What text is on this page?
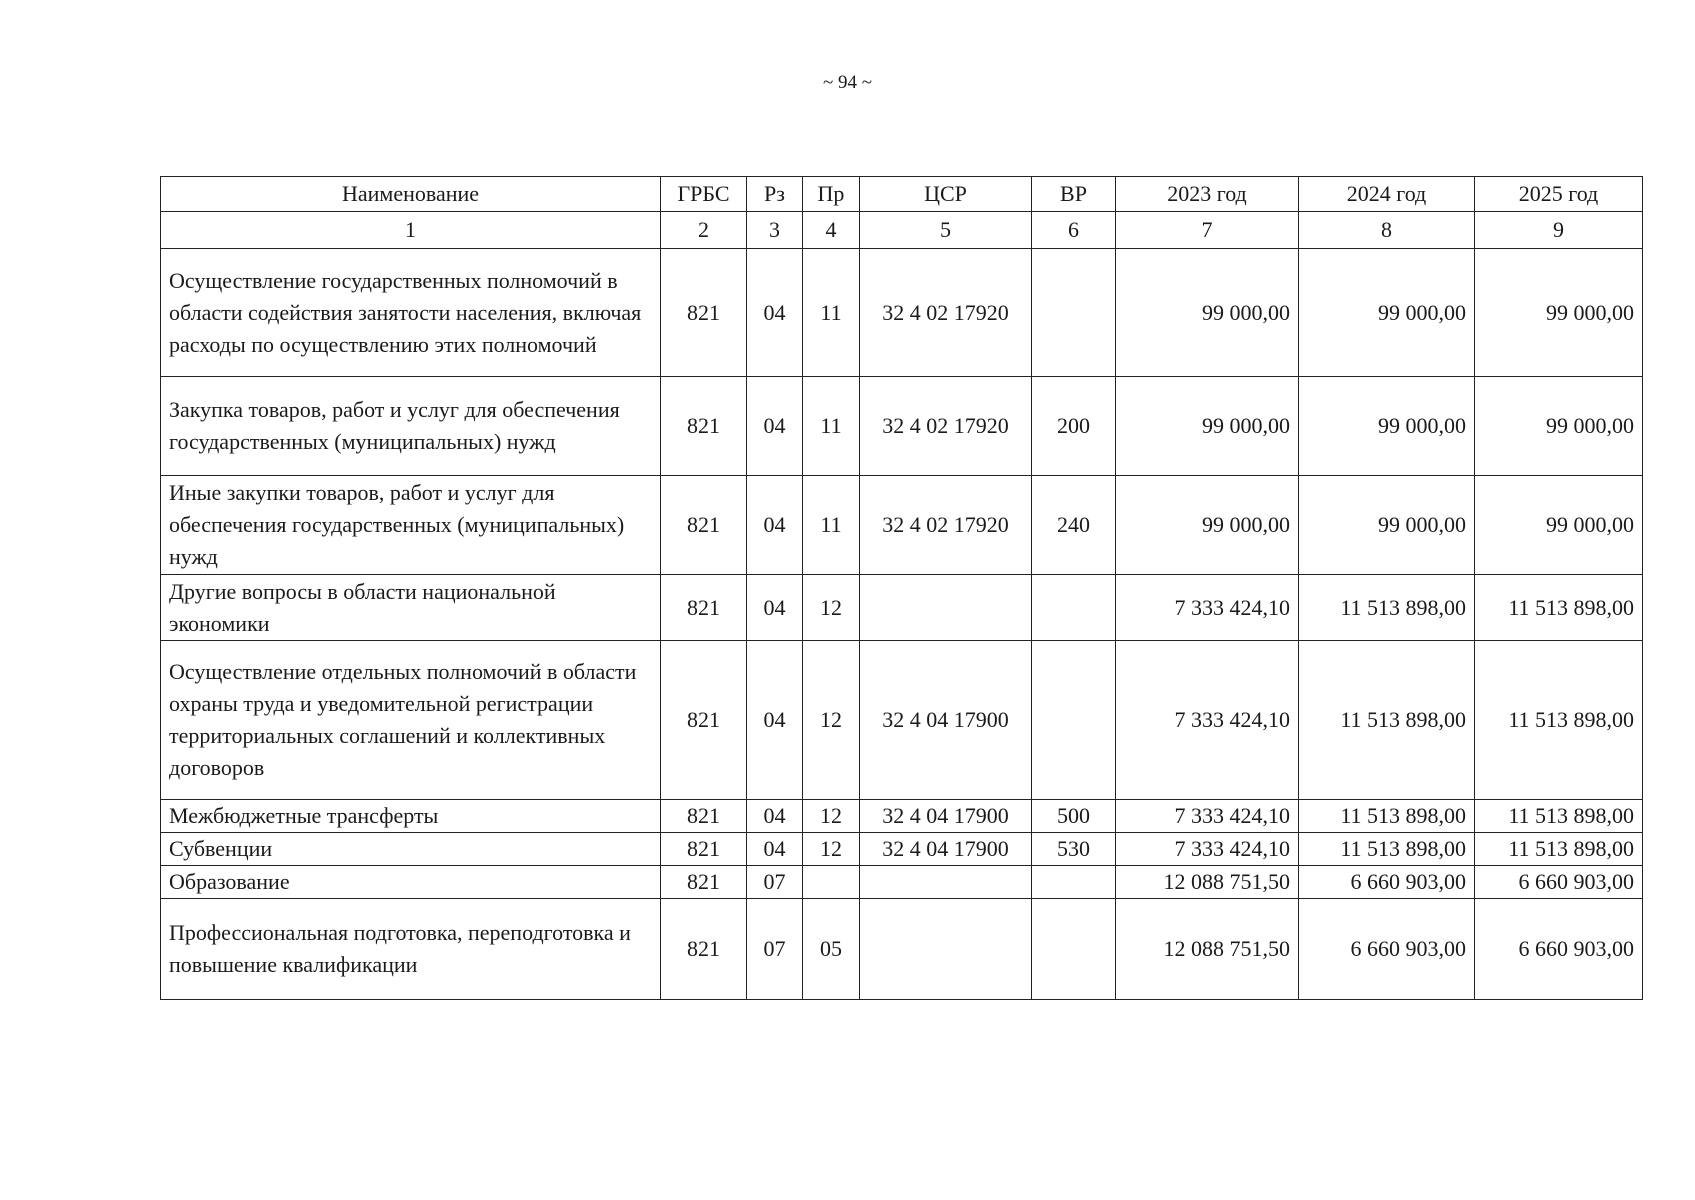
~ 94 ~
Наименование	ГРБС	Рз	Пр	ЦСР	ВР	2023 год	2024 год	2025 год
1	2	3	4	5	6	7	8	9
Осуществление государственных полномочий в области содействия занятости населения, включая расходы по осуществлению этих полномочий	821	04	11	32 4 02 17920		99 000,00	99 000,00	99 000,00
Закупка товаров, работ и услуг для обеспечения государственных (муниципальных) нужд	821	04	11	32 4 02 17920	200	99 000,00	99 000,00	99 000,00
Иные закупки товаров, работ и услуг для обеспечения государственных (муниципальных) нужд	821	04	11	32 4 02 17920	240	99 000,00	99 000,00	99 000,00
Другие вопросы в области национальной экономики	821	04	12			7 333 424,10	11 513 898,00	11 513 898,00
Осуществление отдельных полномочий в области охраны труда и уведомительной регистрации территориальных соглашений и коллективных договоров	821	04	12	32 4 04 17900		7 333 424,10	11 513 898,00	11 513 898,00
Межбюджетные трансферты	821	04	12	32 4 04 17900	500	7 333 424,10	11 513 898,00	11 513 898,00
Субвенции	821	04	12	32 4 04 17900	530	7 333 424,10	11 513 898,00	11 513 898,00
Образование	821	07				12 088 751,50	6 660 903,00	6 660 903,00
Профессиональная подготовка, переподготовка и повышение квалификации	821	07	05			12 088 751,50	6 660 903,00	6 660 903,00
